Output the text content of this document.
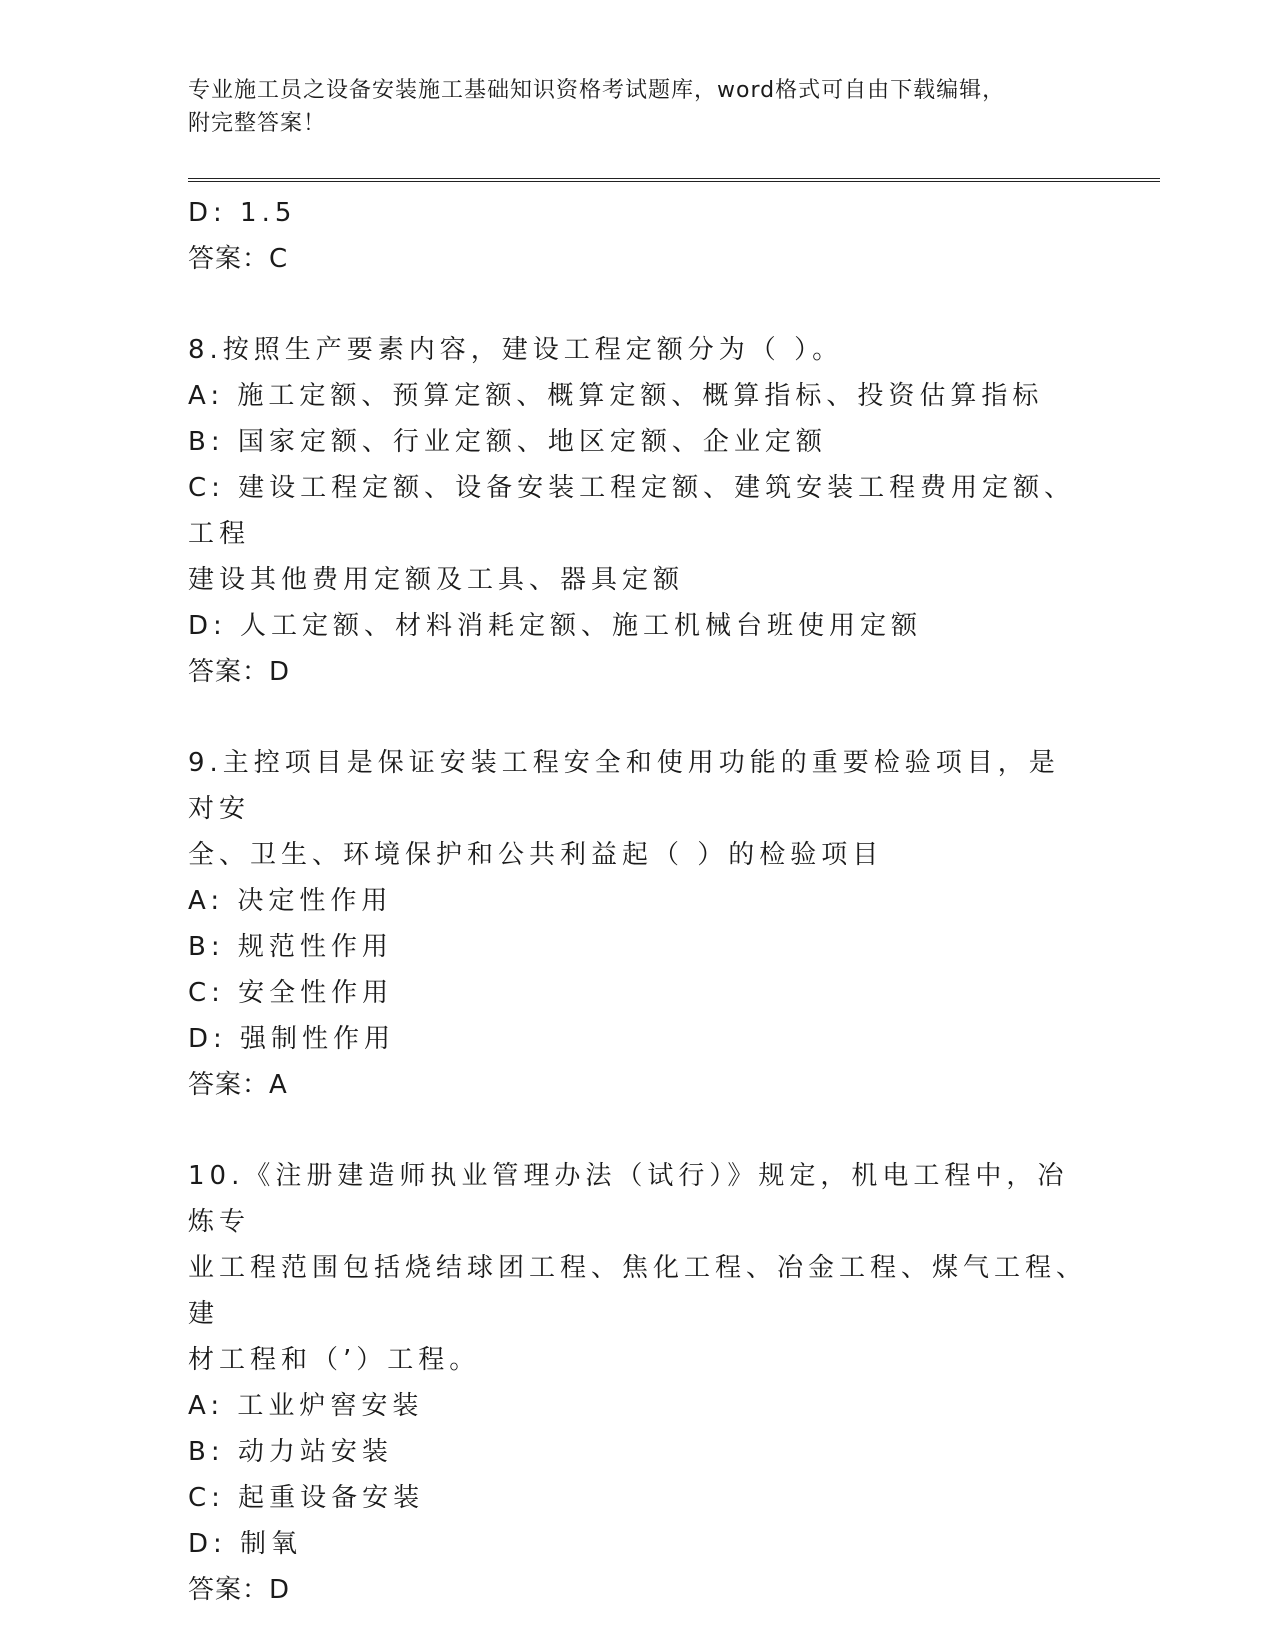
专业施工员之设备安装施工基础知识资格考试题库，word格式可自由下载编辑，
附完整答案！

D: 1.5

答案：C

8.按照生产要素内容，建设工程定额分为（ ）。

A: 施工定额、预算定额、概算定额、概算指标、投资估算指标

B: 国家定额、行业定额、地区定额、企业定额

C: 建设工程定额、设备安装工程定额、建筑安装工程费用定额、工程

建设其他费用定额及工具、器具定额

D: 人工定额、材料消耗定额、施工机械台班使用定额

答案：D

9.主控项目是保证安装工程安全和使用功能的重要检验项目，是对安

全、卫生、环境保护和公共利益起（ ）的检验项目

A: 决定性作用

B: 规范性作用

C: 安全性作用

D: 强制性作用

答案：A

10.《注册建造师执业管理办法（试行）》规定，机电工程中，冶炼专

业工程范围包括烧结球团工程、焦化工程、冶金工程、煤气工程、建

材工程和（’）工程。

A: 工业炉窖安装

B: 动力站安装

C: 起重设备安装

D: 制氧

答案：D
